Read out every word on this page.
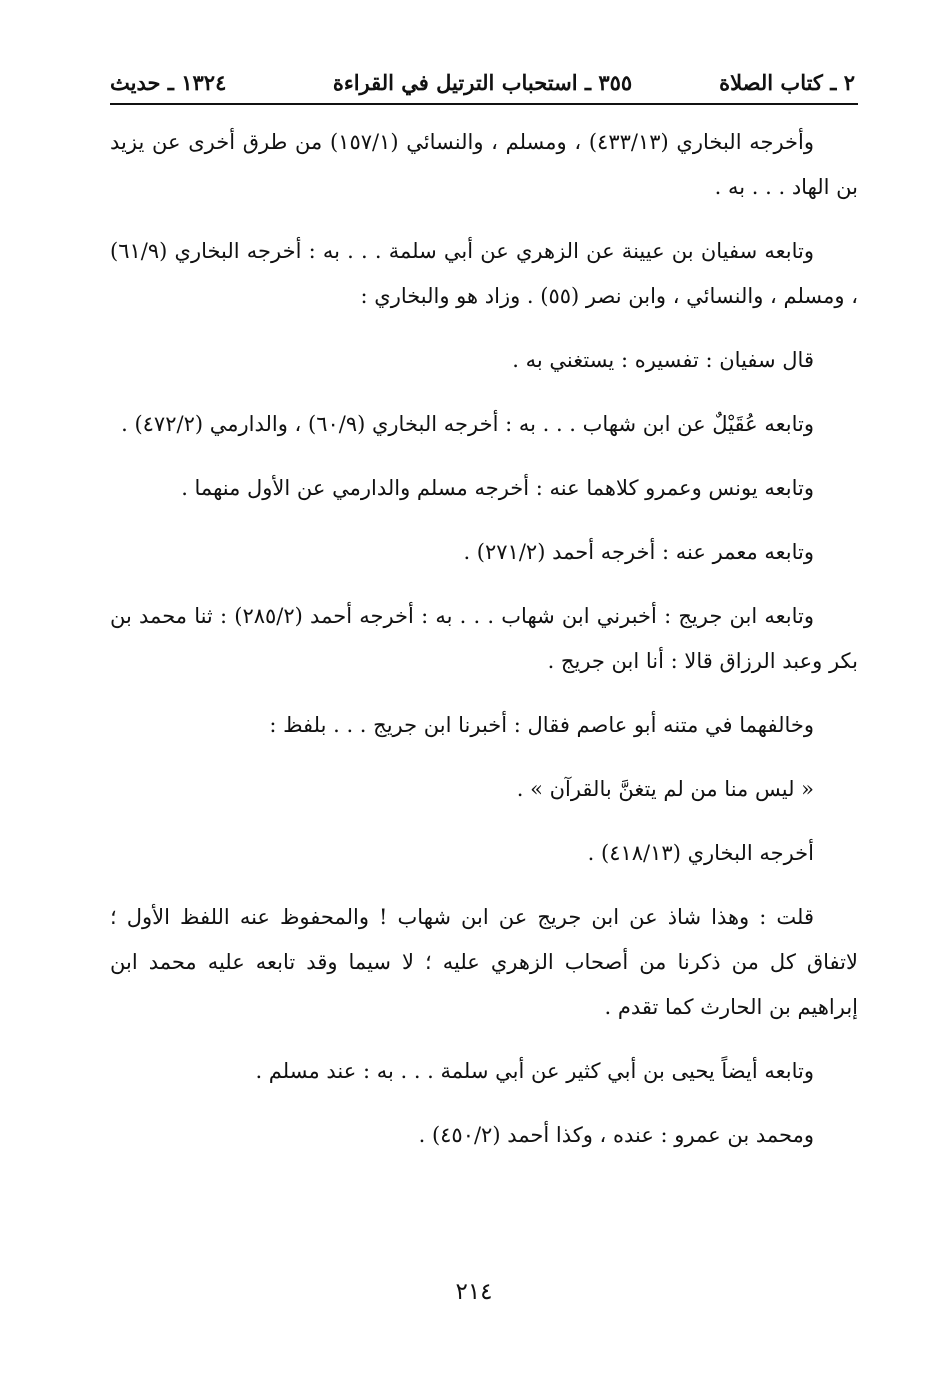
٢ ـ كتاب الصلاة
٣٥٥ ـ استحباب الترتيل في القراءة
١٣٢٤ ـ حديث

وأخرجه البخاري (٤٣٣/١٣) ، ومسلم ، والنسائي (١٥٧/١) من طرق أخرى عن يزيد بن الهاد . . . به .

وتابعه سفيان بن عيينة عن الزهري عن أبي سلمة . . . به : أخرجه البخاري (٦١/٩) ، ومسلم ، والنسائي ، وابن نصر (٥٥) . وزاد هو والبخاري :

قال سفيان : تفسيره : يستغني به .

وتابعه عُقَيْلٌ عن ابن شهاب . . . به : أخرجه البخاري (٦٠/٩) ، والدارمي (٤٧٢/٢) .

وتابعه يونس وعمرو كلاهما عنه : أخرجه مسلم والدارمي عن الأول منهما .

وتابعه معمر عنه : أخرجه أحمد (٢٧١/٢) .

وتابعه ابن جريج : أخبرني ابن شهاب . . . به : أخرجه أحمد (٢٨٥/٢) : ثنا محمد بن بكر وعبد الرزاق قالا : أنا ابن جريج .

وخالفهما في متنه أبو عاصم فقال : أخبرنا ابن جريج . . . بلفظ :

« ليس منا من لم يتغنَّ بالقرآن » .

أخرجه البخاري (٤١٨/١٣) .

قلت : وهذا شاذ عن ابن جريج عن ابن شهاب ! والمحفوظ عنه اللفظ الأول ؛ لاتفاق كل من ذكرنا من أصحاب الزهري عليه ؛ لا سيما وقد تابعه عليه محمد ابن إبراهيم بن الحارث كما تقدم .

وتابعه أيضاً يحيى بن أبي كثير عن أبي سلمة . . . به : عند مسلم .

ومحمد بن عمرو : عنده ، وكذا أحمد (٤٥٠/٢) .

٢١٤
